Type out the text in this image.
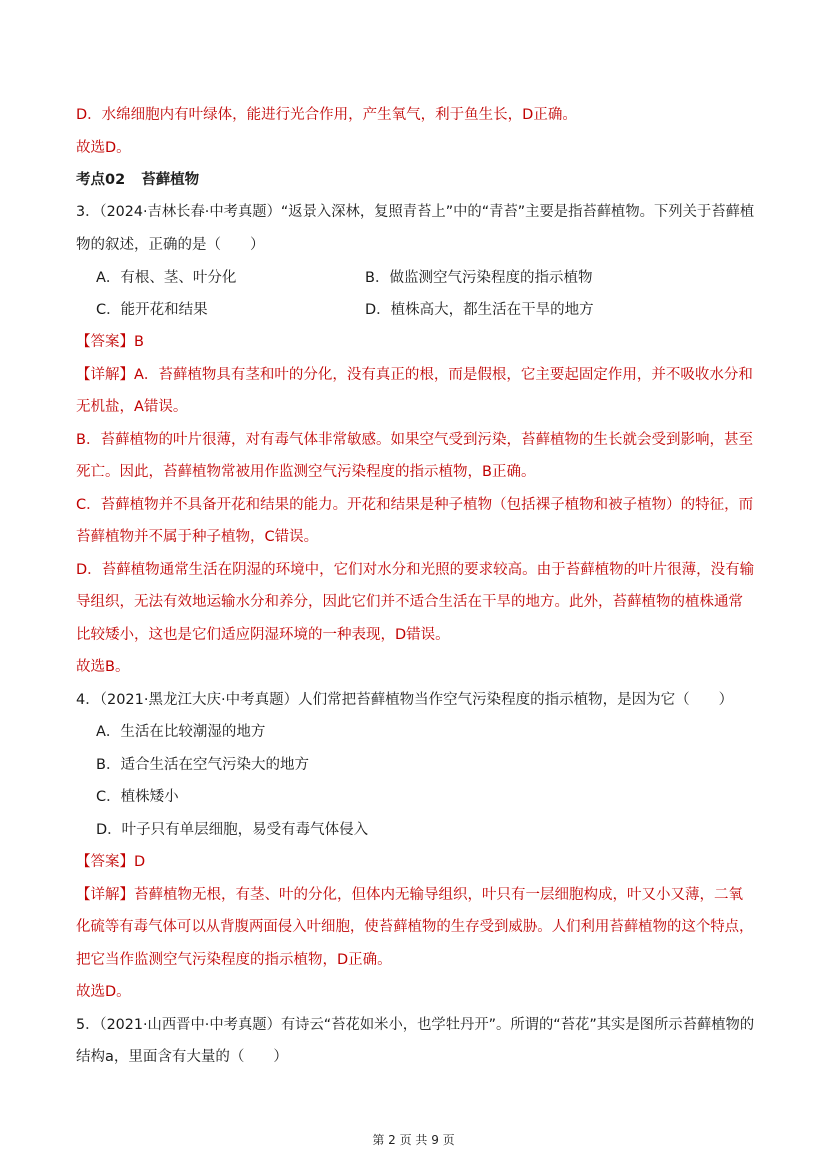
D．水绵细胞内有叶绿体，能进行光合作用，产生氧气，利于鱼生长，D正确。
故选D。
考点02 苔藓植物
3．（2024·吉林长春·中考真题）“返景入深林，复照青苔上”中的“青苔”主要是指苔藓植物。下列关于苔藓植
物的叙述，正确的是（　　）
A．有根、茎、叶分化	B．做监测空气污染程度的指示植物
C．能开花和结果	D．植株高大，都生活在干旱的地方
【答案】B
【详解】A．苔藓植物具有茎和叶的分化，没有真正的根，而是假根，它主要起固定作用，并不吸收水分和
无机盐，A错误。
B．苔藓植物的叶片很薄，对有毒气体非常敏感。如果空气受到污染，苔藓植物的生长就会受到影响，甚至
死亡。因此，苔藓植物常被用作监测空气污染程度的指示植物，B正确。
C．苔藓植物并不具备开花和结果的能力。开花和结果是种子植物（包括裸子植物和被子植物）的特征，而
苔藓植物并不属于种子植物，C错误。
D．苔藓植物通常生活在阴湿的环境中，它们对水分和光照的要求较高。由于苔藓植物的叶片很薄，没有输
导组织，无法有效地运输水分和养分，因此它们并不适合生活在干旱的地方。此外，苔藓植物的植株通常
比较矮小，这也是它们适应阴湿环境的一种表现，D错误。
故选B。
4．（2021·黑龙江大庆·中考真题）人们常把苔藓植物当作空气污染程度的指示植物，是因为它（　　）
A．生活在比较潮湿的地方
B．适合生活在空气污染大的地方
C．植株矮小
D．叶子只有单层细胞，易受有毒气体侵入
【答案】D
【详解】苔藓植物无根，有茎、叶的分化，但体内无输导组织，叶只有一层细胞构成，叶又小又薄，二氧
化硫等有毒气体可以从背腹两面侵入叶细胞，使苔藓植物的生存受到威胁。人们利用苔藓植物的这个特点，
把它当作监测空气污染程度的指示植物，D正确。
故选D。
5．（2021·山西晋中·中考真题）有诗云“苔花如米小，也学牡丹开”。所谓的“苔花”其实是图所示苔藓植物的
结构a，里面含有大量的（　　）
第 2 页 共 9 页
